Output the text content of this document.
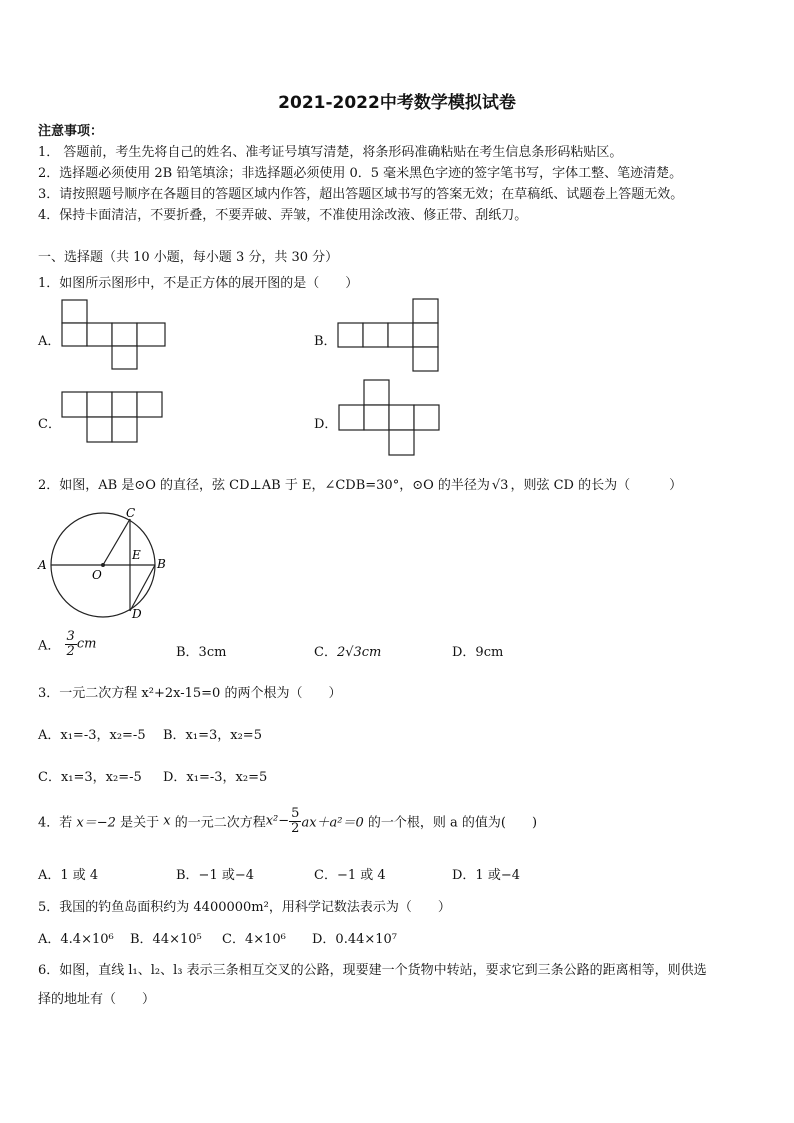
2021-2022中考数学模拟试卷
注意事项：
1． 答题前，考生先将自己的姓名、准考证号填写清楚，将条形码准确粘贴在考生信息条形码粘贴区。
2．选择题必须使用 2B 铅笔填涂；非选择题必须使用 0．5 毫米黑色字迹的签字笔书写，字体工整、笔迹清楚。
3．请按照题号顺序在各题目的答题区域内作答，超出答题区域书写的答案无效；在草稿纸、试题卷上答题无效。
4．保持卡面清洁，不要折叠，不要弄破、弄皱，不准使用涂改液、修正带、刮纸刀。
一、选择题（共 10 小题，每小题 3 分，共 30 分）
1．如图所示图形中，不是正方体的展开图的是（　　）
A．	B．
C．	D．
2．如图，AB 是⊙O 的直径，弦 CD⊥AB 于 E，∠CDB=30°，⊙O 的半径为 √3 ，则弦 CD 的长为（　　　）
A	B
C
D
E
O
A． $\frac{3}{2}$ cm
B．3cm	C．2√3cm	D．9cm
3．一元二次方程 x²+2x-15=0 的两个根为（　　）
A．x₁=-3，x₂=-5 B．x₁=3，x₂=5
C．x₁=3，x₂=-5 D．x₁=-3，x₂=5
4．若 x＝−2 是关于 x 的一元二次方程$x^2- \frac{5}{2} ax+a^2=0$ 的一个根，则 a 的值为(　　)
A．1 或 4	B．−1 或−4	C．−1 或 4	D．1 或−4
5．我国的钓鱼岛面积约为 4400000m²，用科学记数法表示为（　　）
A．4.4×10⁶ B．44×10⁵ C．4×10⁶ D．0.44×10⁷
6．如图，直线 l₁、l₂、l₃ 表示三条相互交叉的公路，现要建一个货物中转站，要求它到三条公路的距离相等，则供选
择的地址有（　　）
